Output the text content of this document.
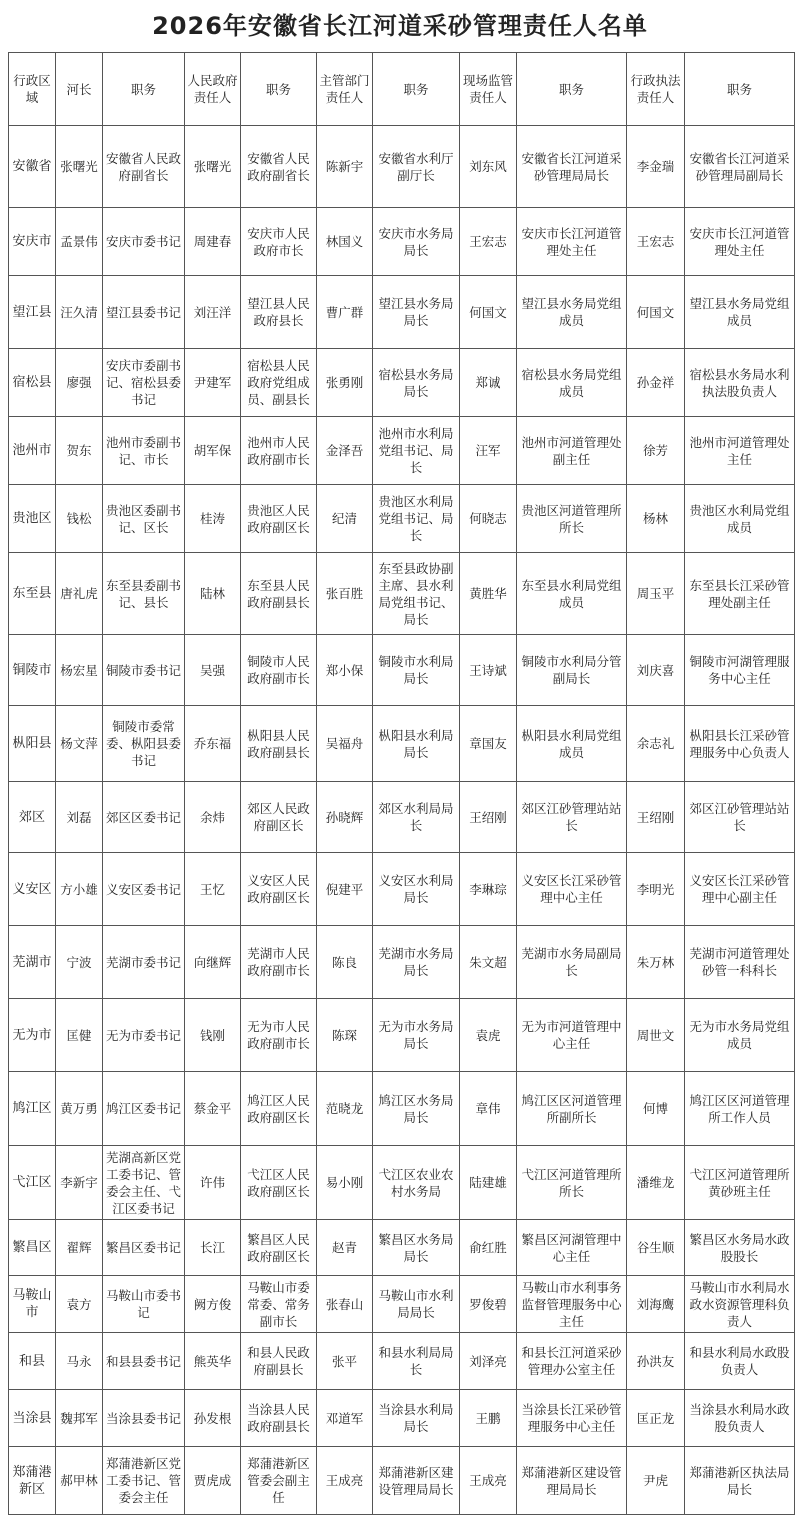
2026年安徽省长江河道采砂管理责任人名单
行政区域	河长	职务	人民政府责任人	职务	主管部门责任人	职务	现场监管责任人	职务	行政执法责任人	职务
安徽省	张曙光	安徽省人民政府副省长	张曙光	安徽省人民政府副省长	陈新宇	安徽省水利厅副厅长	刘东风	安徽省长江河道采砂管理局局长	李金瑞	安徽省长江河道采砂管理局副局长
安庆市	孟景伟	安庆市委书记	周建春	安庆市人民政府市长	林国义	安庆市水务局局长	王宏志	安庆市长江河道管理处主任	王宏志	安庆市长江河道管理处主任
望江县	汪久清	望江县委书记	刘汪洋	望江县人民政府县长	曹广群	望江县水务局局长	何国文	望江县水务局党组成员	何国文	望江县水务局党组成员
宿松县	廖强	安庆市委副书记、宿松县委书记	尹建军	宿松县人民政府党组成员、副县长	张勇刚	宿松县水务局局长	郑诚	宿松县水务局党组成员	孙金祥	宿松县水务局水利执法股负责人
池州市	贺东	池州市委副书记、市长	胡军保	池州市人民政府副市长	金泽吾	池州市水利局党组书记、局长	汪军	池州市河道管理处副主任	徐芳	池州市河道管理处主任
贵池区	钱松	贵池区委副书记、区长	桂涛	贵池区人民政府副区长	纪清	贵池区水利局党组书记、局长	何晓志	贵池区河道管理所所长	杨林	贵池区水利局党组成员
东至县	唐礼虎	东至县委副书记、县长	陆林	东至县人民政府副县长	张百胜	东至县政协副主席、县水利局党组书记、局长	黄胜华	东至县水利局党组成员	周玉平	东至县长江采砂管理处副主任
铜陵市	杨宏星	铜陵市委书记	吴强	铜陵市人民政府副市长	郑小保	铜陵市水利局局长	王诗斌	铜陵市水利局分管副局长	刘庆喜	铜陵市河湖管理服务中心主任
枞阳县	杨文萍	铜陵市委常委、枞阳县委书记	乔东福	枞阳县人民政府副县长	吴福舟	枞阳县水利局局长	章国友	枞阳县水利局党组成员	余志礼	枞阳县长江采砂管理服务中心负责人
郊区	刘磊	郊区区委书记	余炜	郊区人民政府副区长	孙晓辉	郊区水利局局长	王绍刚	郊区江砂管理站站长	王绍刚	郊区江砂管理站站长
义安区	方小雄	义安区委书记	王忆	义安区人民政府副区长	倪建平	义安区水利局局长	李琳琮	义安区长江采砂管理中心主任	李明光	义安区长江采砂管理中心副主任
芜湖市	宁波	芜湖市委书记	向继辉	芜湖市人民政府副市长	陈良	芜湖市水务局局长	朱文超	芜湖市水务局副局长	朱万林	芜湖市河道管理处砂管一科科长
无为市	匡健	无为市委书记	钱刚	无为市人民政府副市长	陈琛	无为市水务局局长	袁虎	无为市河道管理中心主任	周世文	无为市水务局党组成员
鸠江区	黄万勇	鸠江区委书记	蔡金平	鸠江区人民政府副区长	范晓龙	鸠江区水务局局长	章伟	鸠江区区河道管理所副所长	何博	鸠江区区河道管理所工作人员
弋江区	李新宇	芜湖高新区党工委书记、管委会主任、弋江区委书记	许伟	弋江区人民政府副区长	易小刚	弋江区农业农村水务局	陆建雄	弋江区河道管理所所长	潘维龙	弋江区河道管理所黄砂班主任
繁昌区	翟辉	繁昌区委书记	长江	繁昌区人民政府副区长	赵青	繁昌区水务局局长	俞红胜	繁昌区河湖管理中心主任	谷生顺	繁昌区水务局水政股股长
马鞍山市	袁方	马鞍山市委书记	阙方俊	马鞍山市委常委、常务副市长	张春山	马鞍山市水利局局长	罗俊碧	马鞍山市水利事务监督管理服务中心主任	刘海鹰	马鞍山市水利局水政水资源管理科负责人
和县	马永	和县县委书记	熊英华	和县人民政府副县长	张平	和县水利局局长	刘泽亮	和县长江河道采砂管理办公室主任	孙洪友	和县水利局水政股负责人
当涂县	魏邦军	当涂县委书记	孙发根	当涂县人民政府副县长	邓道军	当涂县水利局局长	王鹏	当涂县长江采砂管理服务中心主任	匡正龙	当涂县水利局水政股负责人
郑蒲港新区	郝甲林	郑蒲港新区党工委书记、管委会主任	贾虎成	郑蒲港新区管委会副主任	王成亮	郑蒲港新区建设管理局局长	王成亮	郑蒲港新区建设管理局局长	尹虎	郑蒲港新区执法局局长
